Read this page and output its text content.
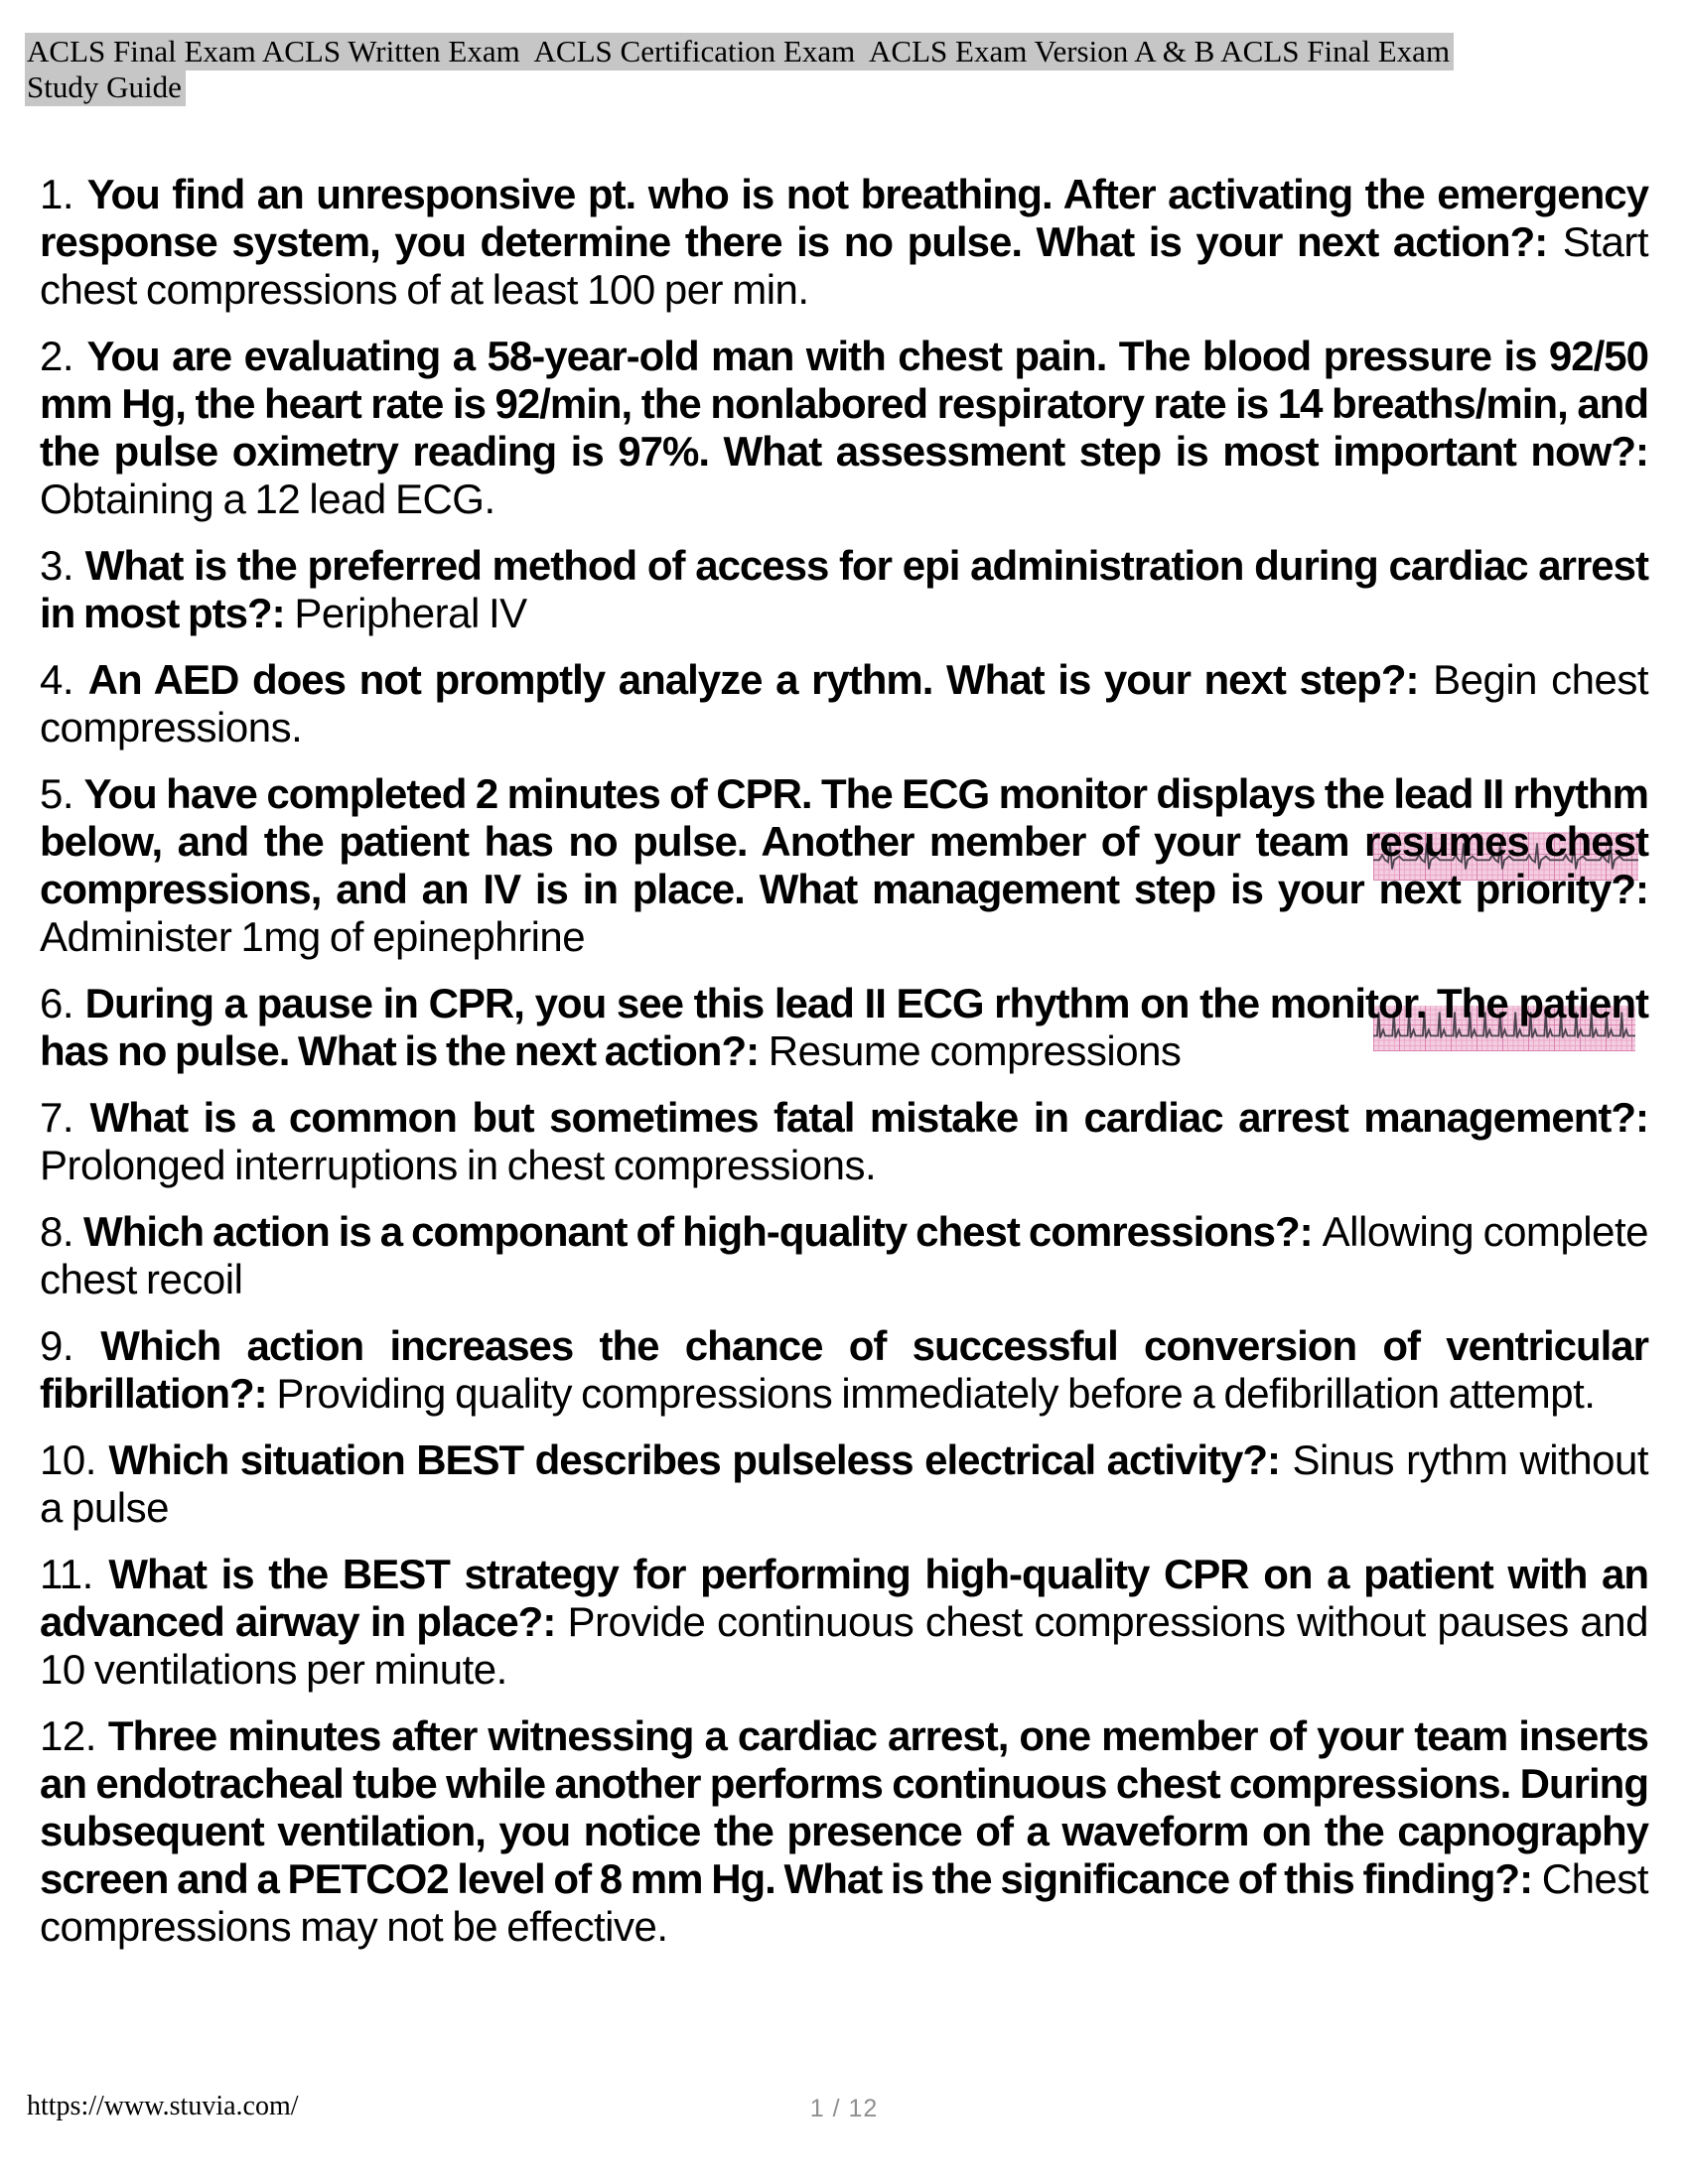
ACLS Final Exam ACLS Written Exam  ACLS Certification Exam  ACLS Exam Version A & B ACLS Final Exam
Study Guide

1. You find an unresponsive pt. who is not breathing. After activating the emergency response system, you determine there is no pulse. What is your next action?: Start chest compressions of at least 100 per min.

2. You are evaluating a 58-year-old man with chest pain. The blood pressure is 92/50 mm Hg, the heart rate is 92/min, the nonlabored respiratory rate is 14 breaths/min, and the pulse oximetry reading is 97%. What assessment step is most important now?: Obtaining a 12 lead ECG.

3. What is the preferred method of access for epi administration during cardiac arrest in most pts?: Peripheral IV

4. An AED does not promptly analyze a rythm. What is your next step?: Begin chest compressions.

5. You have completed 2 minutes of CPR. The ECG monitor displays the lead II rhythm below, and the patient has no pulse. Another member of your team resumes chest compressions, and an IV is in place. What management step is your next priority?: Administer 1mg of epinephrine

6. During a pause in CPR, you see this lead II ECG rhythm on the monitor. The patient has no pulse. What is the next action?: Resume compressions

7. What is a common but sometimes fatal mistake in cardiac arrest management?: Prolonged interruptions in chest compressions.

8. Which action is a componant of high-quality chest comressions?: Allowing complete chest recoil

9. Which action increases the chance of successful conversion of ventricular fibrillation?: Providing quality compressions immediately before a defibrillation attempt.

10. Which situation BEST describes pulseless electrical activity?: Sinus rythm without a pulse

11. What is the BEST strategy for performing high-quality CPR on a patient with an advanced airway in place?: Provide continuous chest compressions without pauses and 10 ventilations per minute.

12. Three minutes after witnessing a cardiac arrest, one member of your team inserts an endotracheal tube while another performs continuous chest compressions. During subsequent ventilation, you notice the presence of a waveform on the capnography screen and a PETCO2 level of 8 mm Hg. What is the significance of this finding?: Chest compressions may not be effective.

https://www.stuvia.com/	1 / 12
